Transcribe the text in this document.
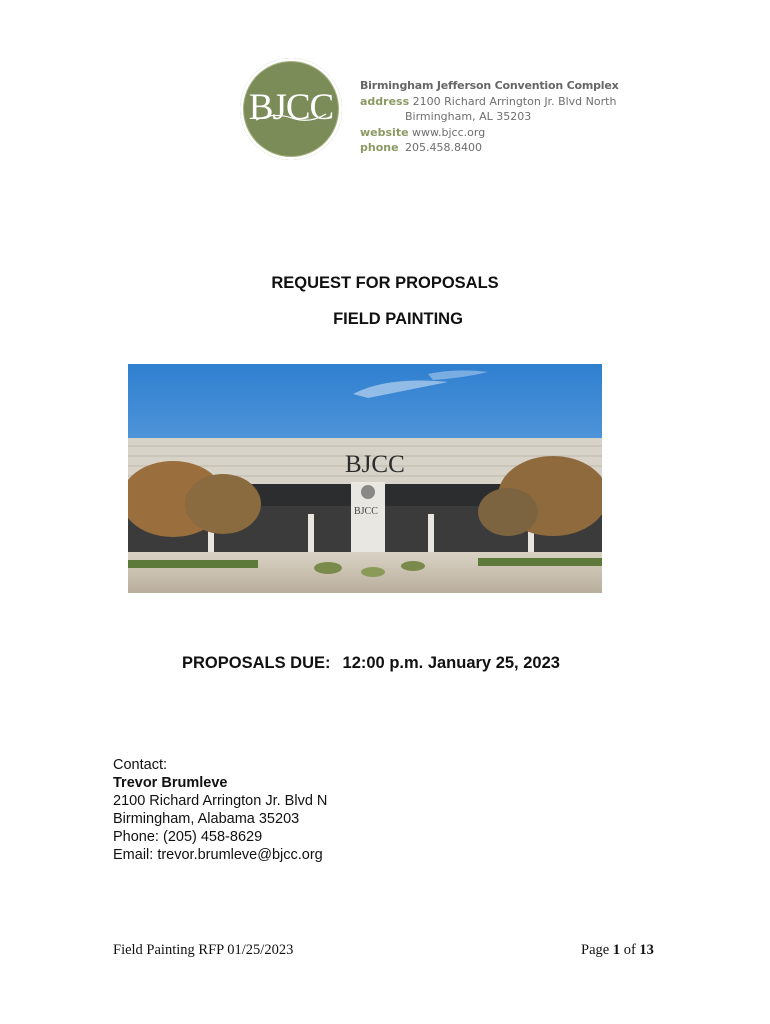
BJCC
Birmingham Jefferson Convention Complex
address 2100 Richard Arrington Jr. Blvd North
Birmingham, AL 35203
website www.bjcc.org
phone 205.458.8400
REQUEST FOR PROPOSALS
FIELD PAINTING
BJCC
BJCC
PROPOSALS DUE: 12:00 p.m. January 25, 2023
Contact:
Trevor Brumleve
2100 Richard Arrington Jr. Blvd N
Birmingham, Alabama 35203
Phone: (205) 458-8629
Email: trevor.brumleve@bjcc.org
Field Painting RFP 01/25/2023	Page 1 of 13
